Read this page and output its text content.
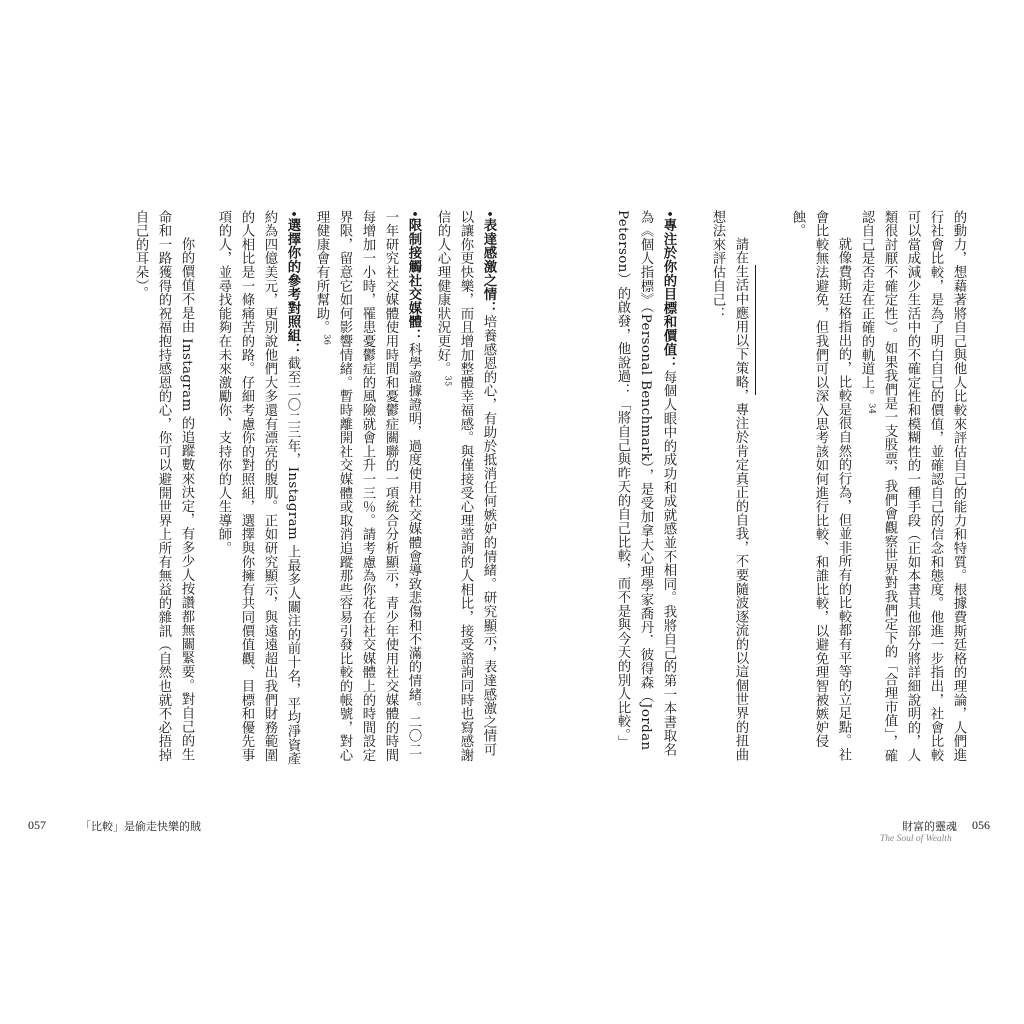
的動力，想藉著將自己與他人比較來評估自己的能力和特質。根據費斯廷格的理論，人們進行社會比較，是為了明白自己的價值，並確認自己的信念和態度。他進一步指出，社會比較可以當成減少生活中的不確定性和模糊性的一種手段（正如本書其他部分將詳細說明的，人類很討厭不確定性）。如果我們是一支股票，我們會觀察世界對我們定下的「合理市值」，確認自己是否走在正確的軌道上。$^{34}$

就像費斯廷格指出的，比較是很自然的行為，但並非所有的比較都有平等的立足點。社會比較無法避免，但我們可以深入思考該如何進行比較、和誰比較，以避免理智被嫉妒侵蝕。

請在生活中應用以下策略，專注於肯定真正的自我，不要隨波逐流的以這個世界的扭曲想法來評估自己：

•專注於你的目標和價值：每個人眼中的成功和成就感並不相同。我將自己的第一本書取名為《個人指標》（Personal Benchmark），是受加拿大心理學家喬丹．彼得森（Jordan Peterson）的啟發，他說過：「將自己與昨天的自己比較，而不是與今天的別人比較。」

•表達感激之情：培養感恩的心，有助於抵消任何嫉妒的情緒。研究顯示，表達感激之情可以讓你更快樂，而且增加整體幸福感。與僅接受心理諮詢的人相比，接受諮詢同時也寫感謝信的人心理健康狀況更好。$^{35}$

•限制接觸社交媒體：科學證據證明，過度使用社交媒體會導致悲傷和不滿的情緒。二〇二一年研究社交媒體使用時間和憂鬱症關聯的一項統合分析顯示，青少年使用社交媒體的時間每增加一小時，罹患憂鬱症的風險就會上升一三％。請考慮為你花在社交媒體上的時間設定界限，留意它如何影響情緒。暫時離開社交媒體或取消追蹤那些容易引發比較的帳號，對心理健康會有所幫助。$^{36}$

•選擇你的參考對照組：截至二〇二三年，Instagram 上最多人關注的前十名，平均淨資產約為四億美元，更別說他們大多還有漂亮的腹肌。正如研究顯示，與遠遠超出我們財務範圍的人相比是一條痛苦的路。仔細考慮你的對照組，選擇與你擁有共同價值觀、目標和優先事項的人，並尋找能夠在未來激勵你、支持你的人生導師。

你的價值不是由 Instagram 的追蹤數來決定，有多少人按讚都無關緊要。對自己的生命和一路獲得的祝福抱持感恩的心，你可以避開世界上所有無益的雜訊（自然也就不必捂掉自己的耳朵）。

057	「比較」是偷走快樂的賊	財富的靈魂
The Soul of Wealth
056
